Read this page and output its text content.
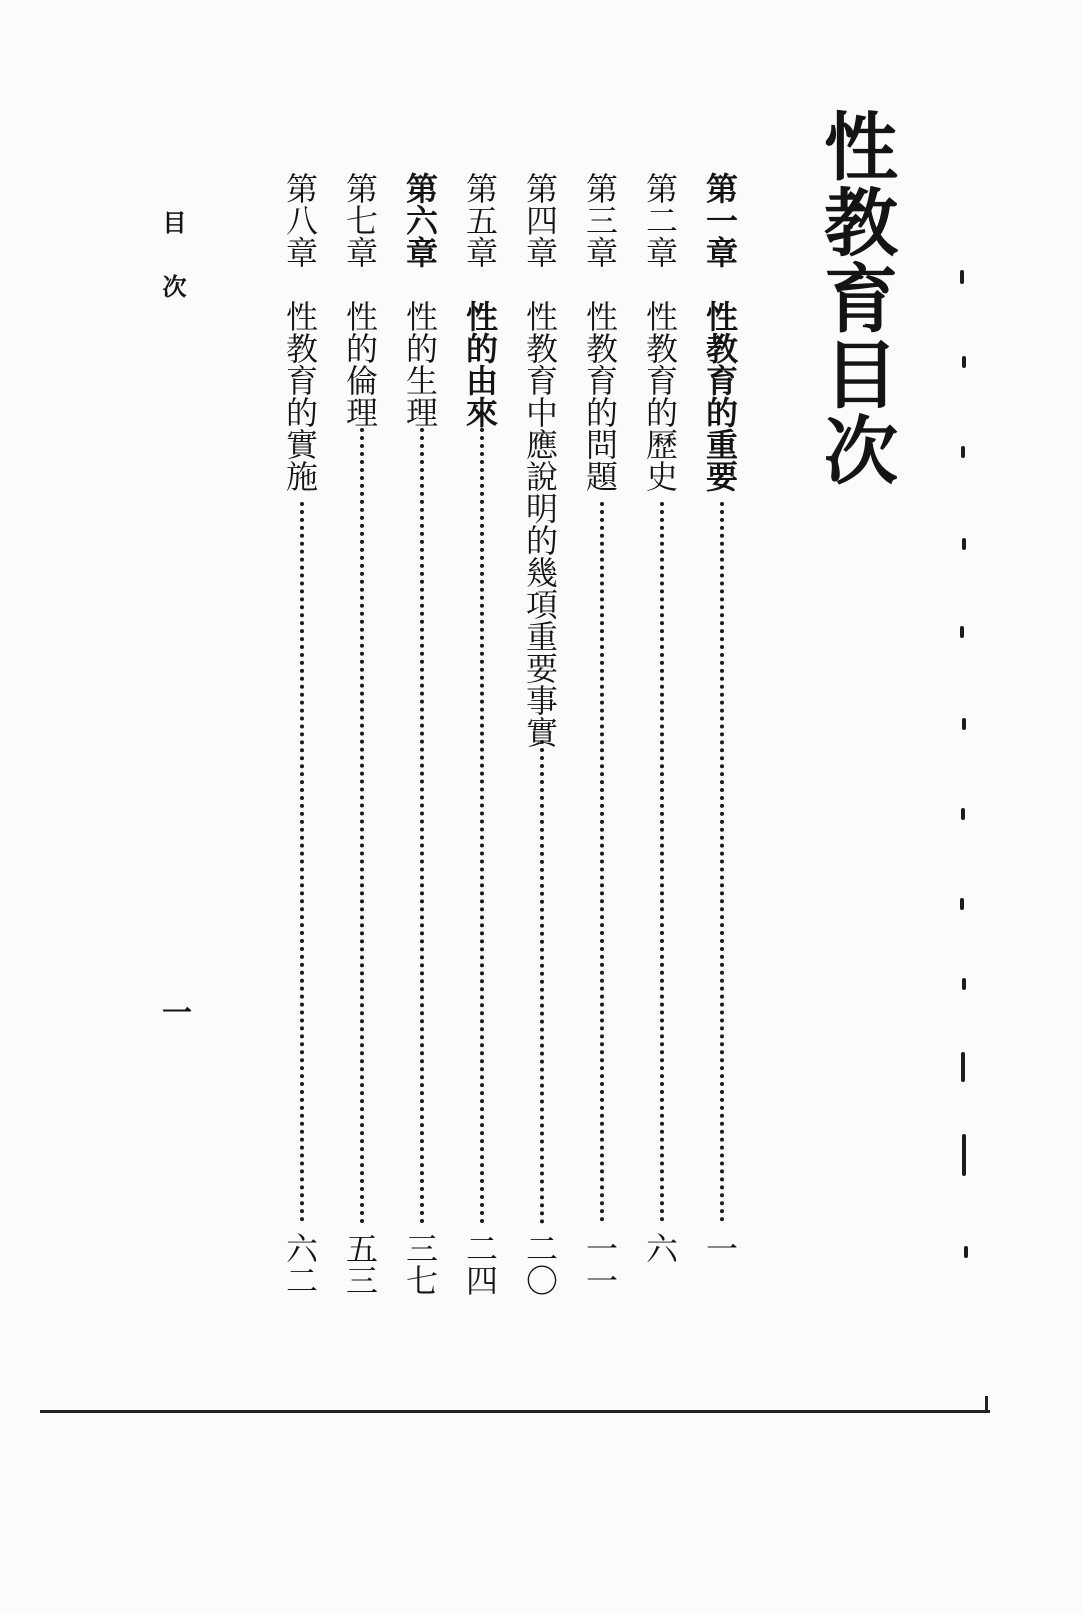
性教育目次
第一章
性教育的重要
一
第二章
性教育的歷史
六
第三章
性教育的問題
一一
第四章
性教育中應說明的幾項重要事實
二〇
第五章
性的由來
二四
第六章
性的生理
三七
第七章
性的倫理
五三
第八章
性教育的實施
六二
目次
一
